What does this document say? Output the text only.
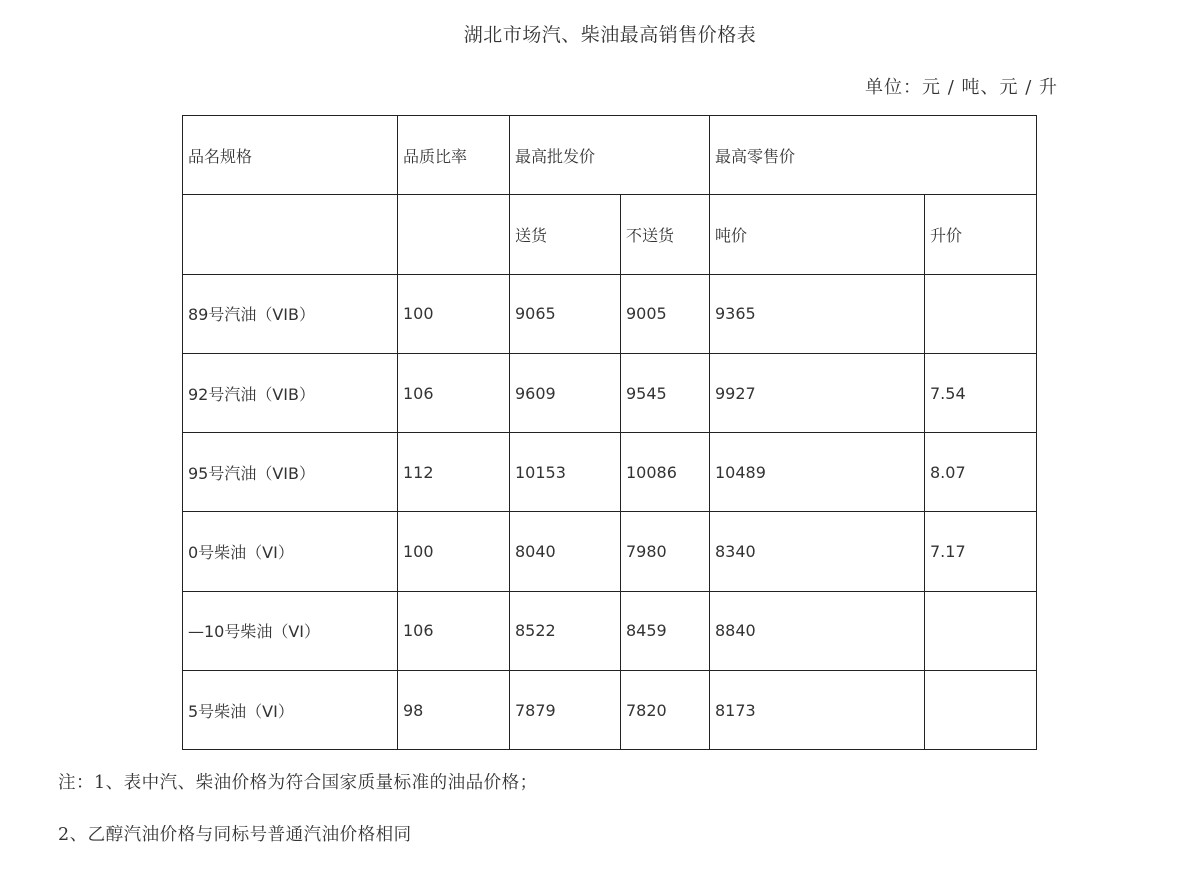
湖北市场汽、柴油最高销售价格表
单位：元 / 吨、元 / 升
品名规格	品质比率	最高批发价		最高零售价	
		送货	不送货	吨价	升价
89号汽油（VIB）	100	9065	9005	9365	
92号汽油（VIB）	106	9609	9545	9927	7.54
95号汽油（VIB）	112	10153	10086	10489	8.07
0号柴油（VI）	100	8040	7980	8340	7.17
—10号柴油（VI）	106	8522	8459	8840	
5号柴油（VI）	98	7879	7820	8173	
注：1、表中汽、柴油价格为符合国家质量标准的油品价格；
2、乙醇汽油价格与同标号普通汽油价格相同
